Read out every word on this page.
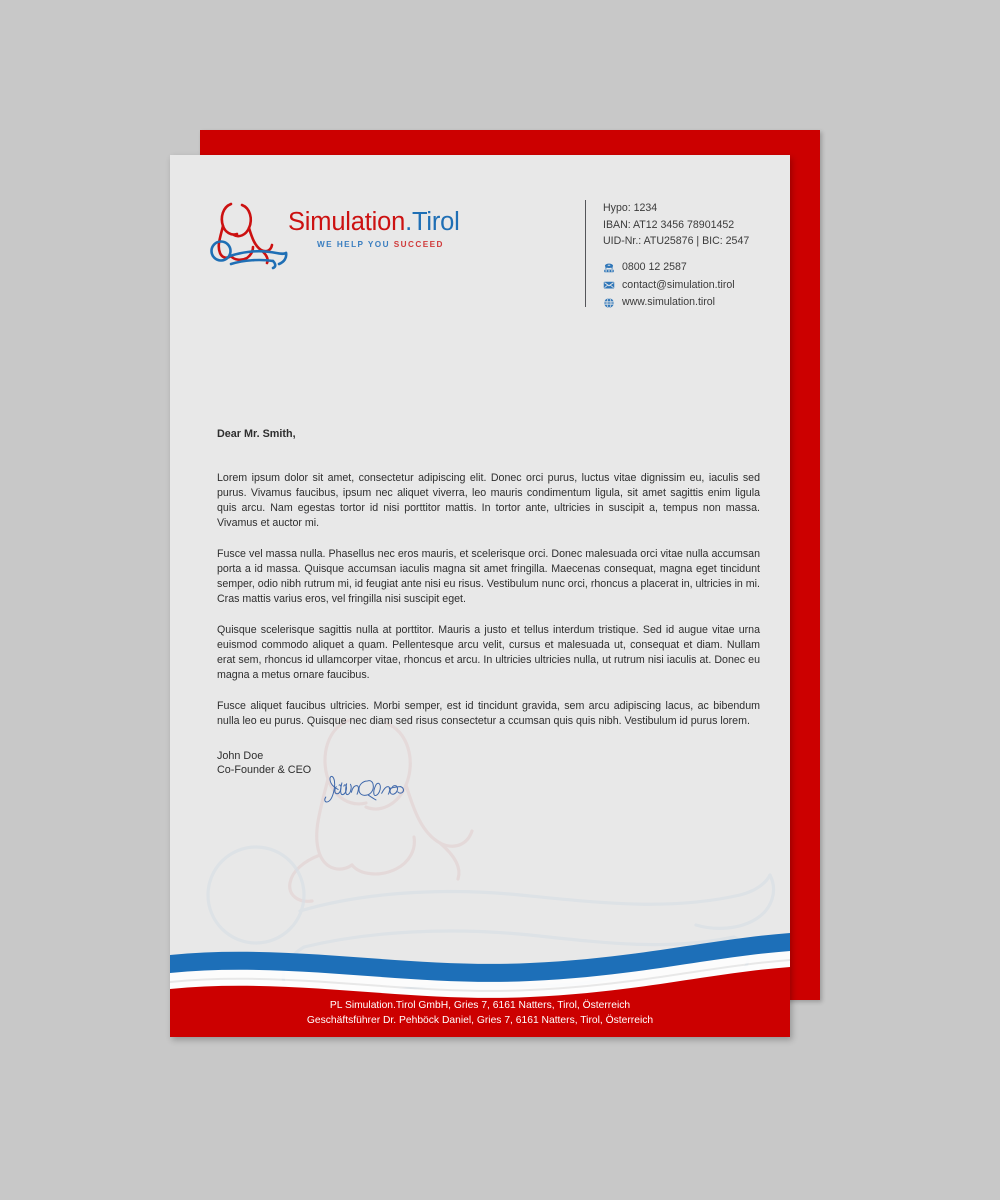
Simulation.Tirol
WE HELP YOU SUCCEED
Hypo: 1234
IBAN: AT12 3456 78901452
UID-Nr.: ATU25876 | BIC: 2547
0800 12 2587
contact@simulation.tirol
www.simulation.tirol
Dear Mr. Smith,

Lorem ipsum dolor sit amet, consectetur adipiscing elit. Donec orci purus, luctus vitae dignissim eu, iaculis sed purus. Vivamus faucibus, ipsum nec aliquet viverra, leo mauris condimentum ligula, sit amet sagittis enim ligula quis arcu. Nam egestas tortor id nisi porttitor mattis. In tortor ante, ultricies in suscipit a, tempus non massa. Vivamus et auctor mi.

Fusce vel massa nulla. Phasellus nec eros mauris, et scelerisque orci. Donec malesuada orci vitae nulla accumsan porta a id massa. Quisque accumsan iaculis magna sit amet fringilla. Maecenas consequat, magna eget tincidunt semper, odio nibh rutrum mi, id feugiat ante nisi eu risus. Vestibulum nunc orci, rhoncus a placerat in, ultricies in mi. Cras mattis varius eros, vel fringilla nisi suscipit eget.

Quisque scelerisque sagittis nulla at porttitor. Mauris a justo et tellus interdum tristique. Sed id augue vitae urna euismod commodo aliquet a quam. Pellentesque arcu velit, cursus et malesuada ut, consequat et diam. Nullam erat sem, rhoncus id ullamcorper vitae, rhoncus et arcu. In ultricies ultricies nulla, ut rutrum nisi iaculis at. Donec eu magna a metus ornare faucibus.

Fusce aliquet faucibus ultricies. Morbi semper, est id tincidunt gravida, sem arcu adipiscing lacus, ac bibendum nulla leo eu purus. Quisque nec diam sed risus consectetur a ccumsan quis quis nibh. Vestibulum id purus lorem.

John Doe
Co-Founder & CEO
PL Simulation.Tirol GmbH, Gries 7, 6161 Natters, Tirol, Österreich
Geschäftsführer Dr. Pehböck Daniel, Gries 7, 6161 Natters, Tirol, Österreich
